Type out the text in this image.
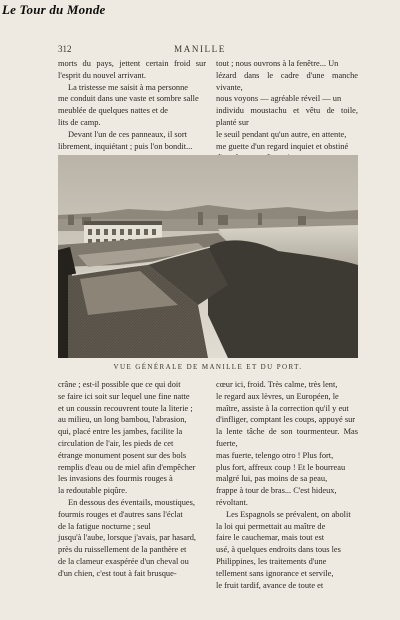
Le Tour du Monde
312	MANILLE

morts du pays, jettent certain froid sur l'esprit du nouvel arrivant.

La tristesse me saisit à ma personne

me conduit dans une vaste et sombre salle

meublée de quelques nattes et de

lits de camp.

Devant l'un de ces panneaux, il sort

librement, inquiétant ; puis l'on bondit...

tout ; nous ouvrons à la fenêtre... Un

lézard dans le cadre d'une manche vivante,

nous voyons — agréable réveil — un

individu moustachu et vêtu de toile, planté sur

le seuil pendant qu'un autre, en attente,

me guette d'un regard inquiet et obstiné

VUE GÉNÉRALE DE MANILLE ET DU PORT.

crâne ; est-il possible que ce qui doit

se faire ici soit sur lequel une fine natte

et un coussin recouvrent toute la literie ;

au milieu, un long bambou, l'abrasion,

qui, placé entre les jambes, facilite la

circulation de l'air, les pieds de cet

étrange monument posent sur des bols

remplis d'eau ou de miel afin d'empêcher

les invasions des fourmis rouges à

la redoutable piqûre.

En dessous des éventails, moustiques,

fourmis rouges et d'autres sans l'éclat

de la fatigue nocturne ; seul

jusqu'à l'aube, lorsque j'avais, par hasard,

près du ruissellement de la panthère et

de la clameur exaspérée d'un cheval ou

d'un chien, c'est tout à fait brusque-

cœur ici, froid. Très calme, très lent,

le regard aux lèvres, un Européen, le

maître, assiste à la correction qu'il y eut

d'infliger, comptant les coups, appuyé sur

la lente tâche de son tourmenteur. Mas fuerte,

mas fuerte, telengo otro ! Plus fort,

plus fort, affreux coup ! Et le bourreau

malgré lui, pas moins de sa peau,

frappe à tour de bras... C'est hideux,

révoltant.

Les Espagnols se prévalent, on abolit

la loi qui permettait au maître de

faire le cauchemar, mais tout est

usé, à quelques endroits dans tous les

Philippines, les traitements d'une

tellement sans ignorance et servile,

le fruit tardif, avance de toute et
